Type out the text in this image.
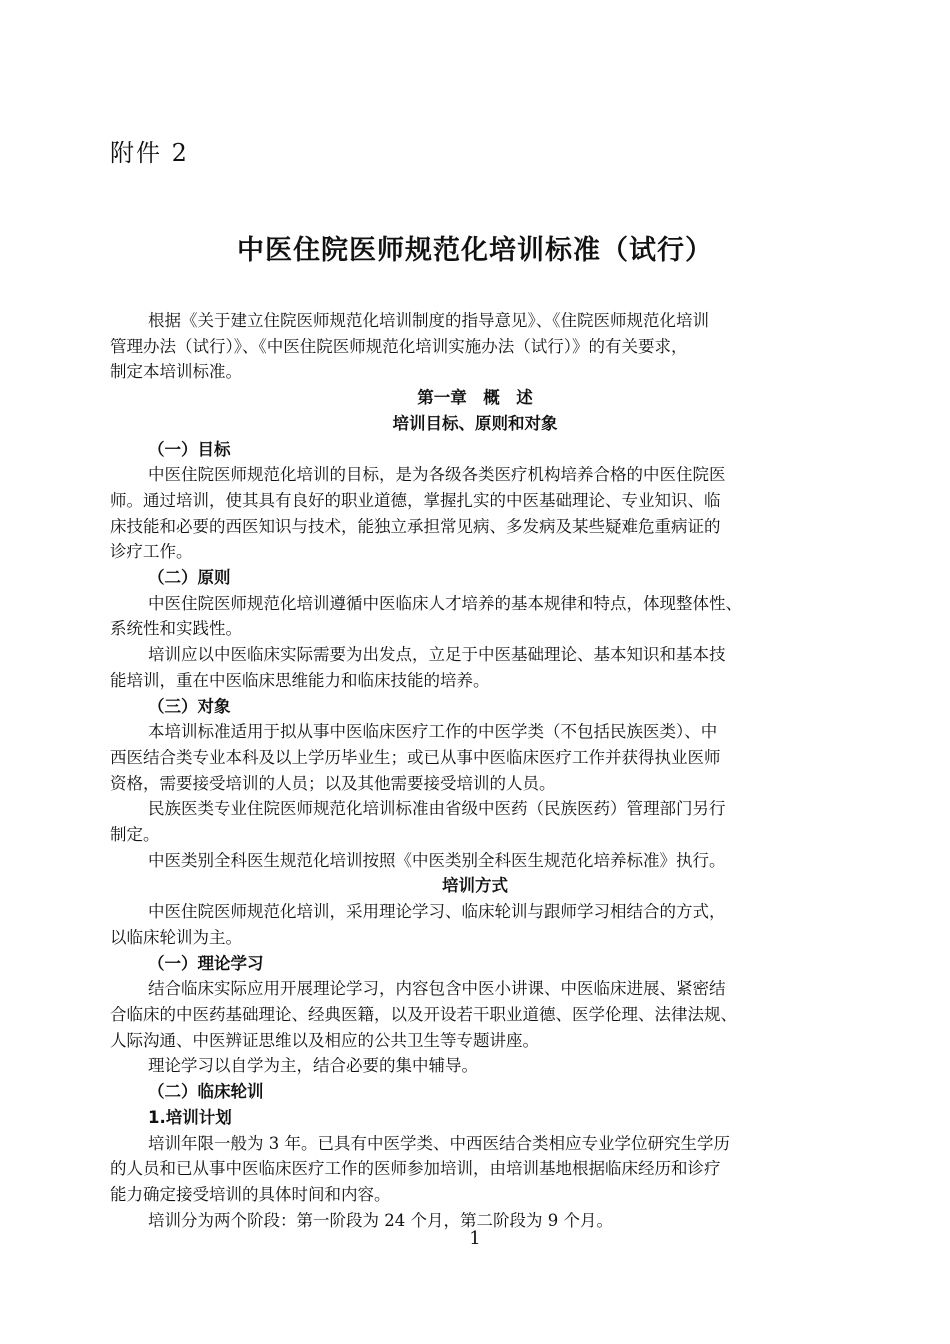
附件 2
中医住院医师规范化培训标准（试行）

根据《关于建立住院医师规范化培训制度的指导意见》、《住院医师规范化培训
管理办法（试行）》、《中医住院医师规范化培训实施办法（试行）》的有关要求，
制定本培训标准。

第一章　概　述

培训目标、原则和对象

（一）目标

中医住院医师规范化培训的目标，是为各级各类医疗机构培养合格的中医住院医
师。通过培训，使其具有良好的职业道德，掌握扎实的中医基础理论、专业知识、临
床技能和必要的西医知识与技术，能独立承担常见病、多发病及某些疑难危重病证的
诊疗工作。

（二）原则

中医住院医师规范化培训遵循中医临床人才培养的基本规律和特点，体现整体性、
系统性和实践性。

培训应以中医临床实际需要为出发点，立足于中医基础理论、基本知识和基本技
能培训，重在中医临床思维能力和临床技能的培养。

（三）对象

本培训标准适用于拟从事中医临床医疗工作的中医学类（不包括民族医类）、中
西医结合类专业本科及以上学历毕业生；或已从事中医临床医疗工作并获得执业医师
资格，需要接受培训的人员；以及其他需要接受培训的人员。

民族医类专业住院医师规范化培训标准由省级中医药（民族医药）管理部门另行
制定。

中医类别全科医生规范化培训按照《中医类别全科医生规范化培养标准》执行。

培训方式

中医住院医师规范化培训，采用理论学习、临床轮训与跟师学习相结合的方式，
以临床轮训为主。

（一）理论学习

结合临床实际应用开展理论学习，内容包含中医小讲课、中医临床进展、紧密结
合临床的中医药基础理论、经典医籍，以及开设若干职业道德、医学伦理、法律法规、
人际沟通、中医辨证思维以及相应的公共卫生等专题讲座。

理论学习以自学为主，结合必要的集中辅导。

（二）临床轮训

1.培训计划

培训年限一般为 3 年。已具有中医学类、中西医结合类相应专业学位研究生学历
的人员和已从事中医临床医疗工作的医师参加培训，由培训基地根据临床经历和诊疗
能力确定接受培训的具体时间和内容。

培训分为两个阶段：第一阶段为 24 个月，第二阶段为 9 个月。

1
